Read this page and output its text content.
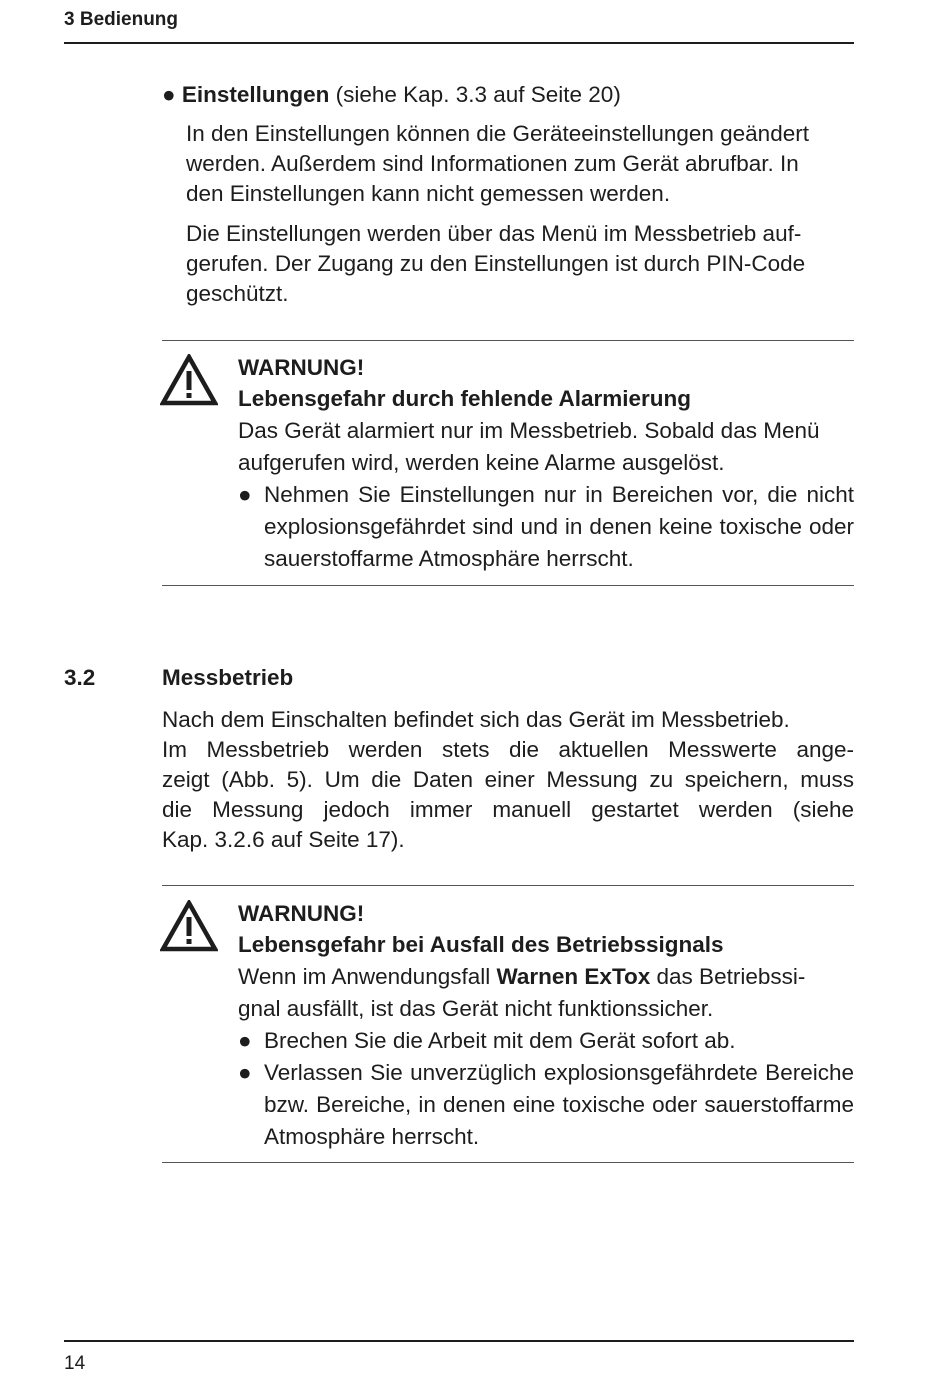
3 Bedienung
● Einstellungen (siehe Kap. 3.3 auf Seite 20)
In den Einstellungen können die Geräteeinstellungen geändert
werden. Außerdem sind Informationen zum Gerät abrufbar. In
den Einstellungen kann nicht gemessen werden.
Die Einstellungen werden über das Menü im Messbetrieb auf-
gerufen. Der Zugang zu den Einstellungen ist durch PIN-Code
geschützt.
WARNUNG!
Lebensgefahr durch fehlende Alarmierung
Das Gerät alarmiert nur im Messbetrieb. Sobald das Menü
aufgerufen wird, werden keine Alarme ausgelöst.
● Nehmen Sie Einstellungen nur in Bereichen vor, die nicht explosionsgefährdet sind und in denen keine toxische oder sauerstoffarme Atmosphäre herrscht.
3.2	Messbetrieb
Nach dem Einschalten befindet sich das Gerät im Messbetrieb.
Im Messbetrieb werden stets die aktuellen Messwerte ange-
zeigt (Abb. 5). Um die Daten einer Messung zu speichern, muss
die Messung jedoch immer manuell gestartet werden (siehe
Kap. 3.2.6 auf Seite 17).
WARNUNG!
Lebensgefahr bei Ausfall des Betriebssignals
Wenn im Anwendungsfall Warnen ExTox das Betriebssi-
gnal ausfällt, ist das Gerät nicht funktionssicher.
● Brechen Sie die Arbeit mit dem Gerät sofort ab.
● Verlassen Sie unverzüglich explosionsgefährdete Bereiche bzw. Bereiche, in denen eine toxische oder sauerstoffarme Atmosphäre herrscht.
14
